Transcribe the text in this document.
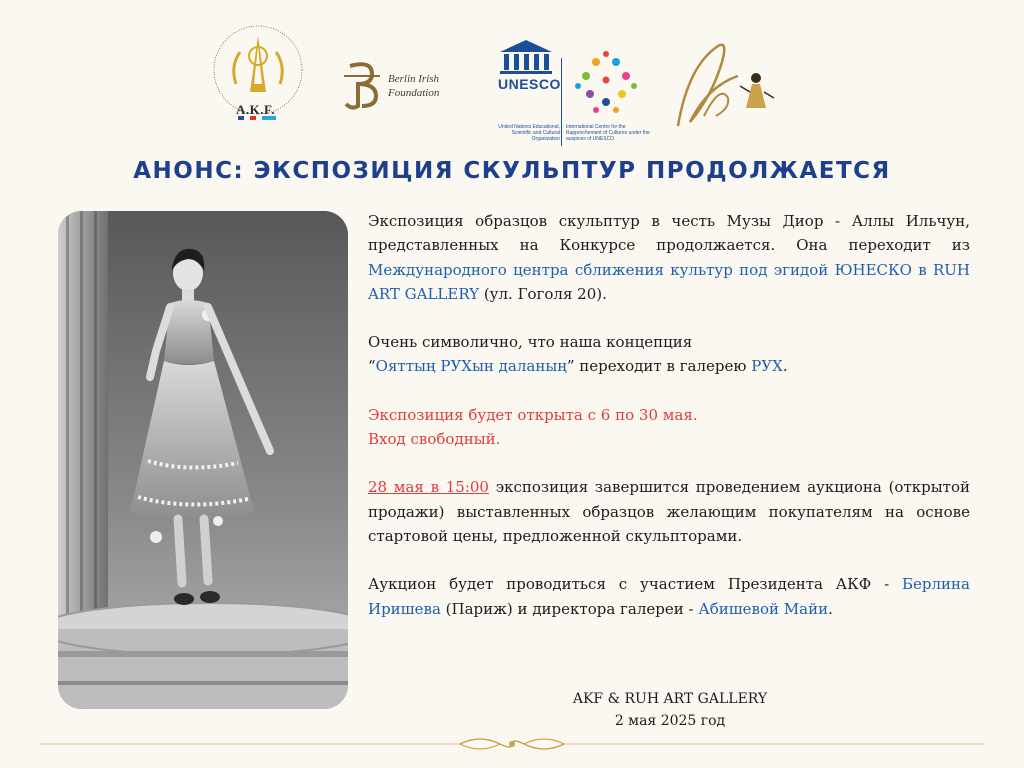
A.K.F.
Berlin Irish
Foundation
UNESCO
United Nations Educational, Scientific and Cultural Organization
International Centre for the Rapprochement of Cultures under the auspices of UNESCO
АНОНС: ЭКСПОЗИЦИЯ СКУЛЬПТУР ПРОДОЛЖАЕТСЯ
Экспозиция образцов скульптур в честь Музы Диор - Аллы Ильчун, представленных на Конкурсе продолжается. Она переходит из Международного центра сближения культур под эгидой ЮНЕСКО в RUH ART GALLERY (ул. Гоголя 20).
Очень символично, что наша концепция
“Ояттың РУХын даланың” переходит в галерею РУХ.
Экспозиция будет открыта с 6 по 30 мая.
Вход свободный.
28 мая в 15:00 экспозиция завершится проведением аукциона (открытой продажи) выставленных образцов желающим покупателям на основе стартовой цены, предложенной скульпторами.
Аукцион будет проводиться с участием Президента АКФ - Берлина Иришева (Париж) и директора галереи - Абишевой Майи.
AKF & RUH ART GALLERY
2 мая 2025 год
